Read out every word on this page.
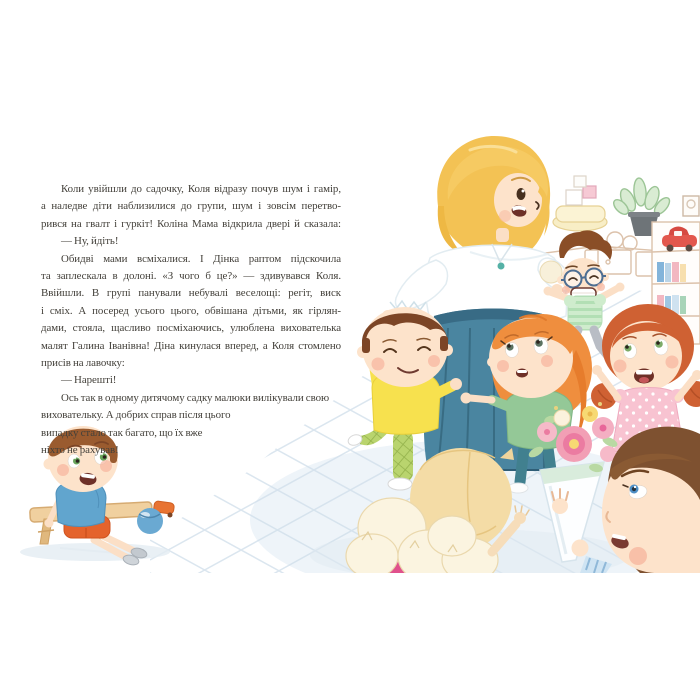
Коли увійшли до садочку, Коля відразу почув шум і гамір,

а наледве діти наблизилися до групи, шум і зовсім перетво-

рився на гвалт і гуркіт! Коліна Мама відкрила двері й сказала:

— Ну, йдіть!

Обидві мами всміхалися. І Дінка раптом підскочила

та заплескала в долоні. «З чого б це?» — здивувався Коля.

Ввійшли. В групі панували небувалі веселощі: регіт, виск

і сміх. А посеред усього цього, обвішана дітьми, як гірлян-

дами, стояла, щасливо посміхаючись, улюблена вихователька

малят Галина Іванівна! Діна кинулася вперед, а Коля стомлено

присів на лавочку:

— Нарешті!

Ось так в одному дитячому садку малюки вилікували свою

виховательку. А добрих справ після цього

випадку стало так багато, що їх вже

ніхто не рахував!
